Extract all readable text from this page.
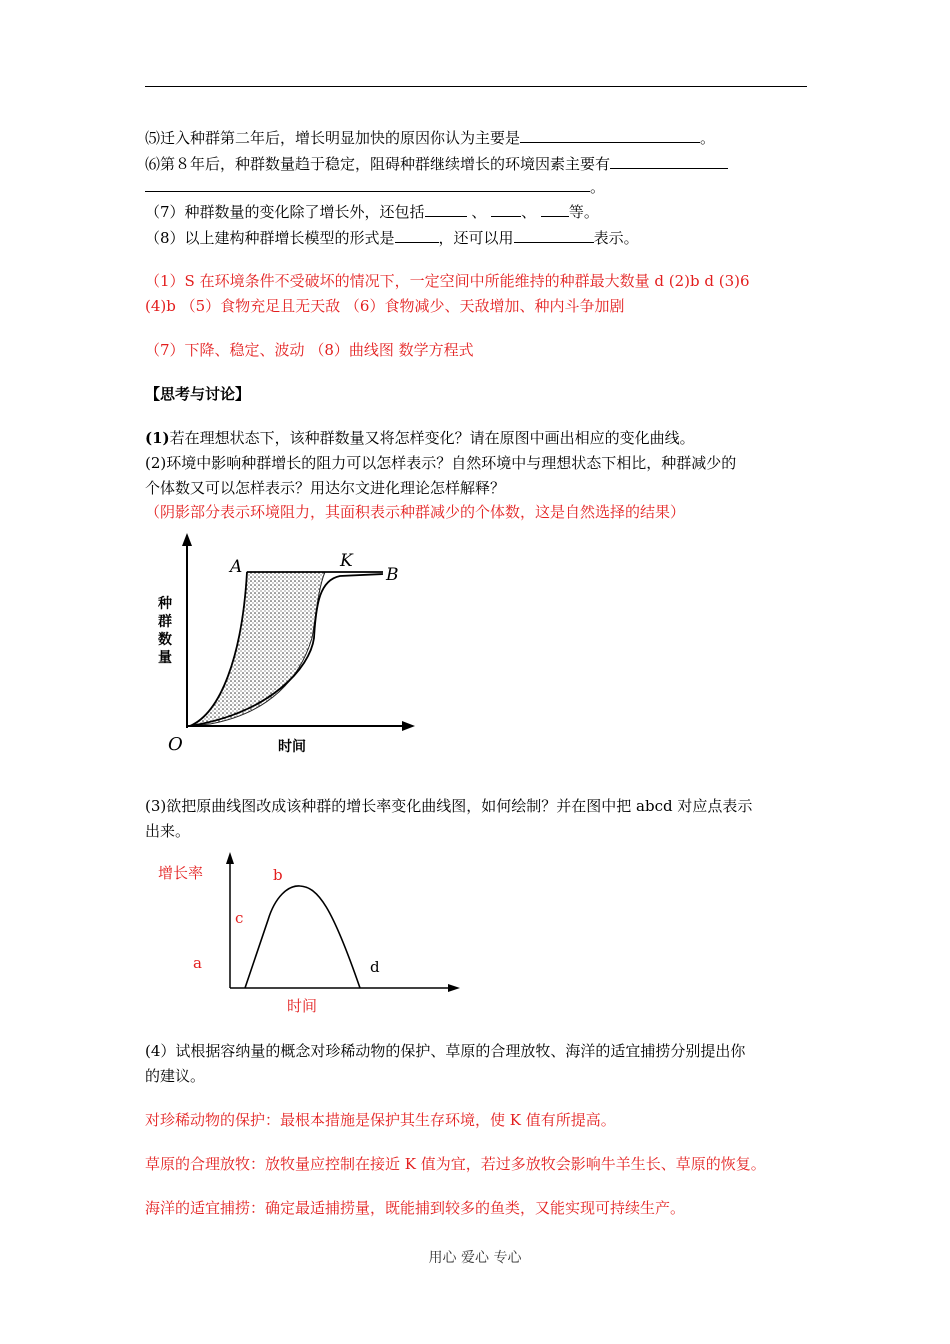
⑸迁入种群第二年后，增长明显加快的原因你认为主要是	。
⑹第８年后，种群数量趋于稳定，阻碍种群继续增长的环境因素主要有
。
（7）种群数量的变化除了增长外，还包括	、 、 等。
（8）以上建构种群增长模型的形式是	，还可以用	表示。
（1）S 在环境条件不受破坏的情况下，一定空间中所能维持的种群最大数量 d (2)b d (3)6
(4)b （5）食物充足且无天敌 （6）食物减少、天敌增加、种内斗争加剧
（7）下降、稳定、波动 （8）曲线图 数学方程式
【思考与讨论】
(1)若在理想状态下，该种群数量又将怎样变化？请在原图中画出相应的变化曲线。
(2)环境中影响种群增长的阻力可以怎样表示？自然环境中与理想状态下相比，种群减少的
个体数又可以怎样表示？用达尔文进化理论怎样解释？
（阴影部分表示环境阻力，其面积表示种群减少的个体数，这是自然选择的结果）
种
群
数
量
时间
O
A	K
B
(3)欲把原曲线图改成该种群的增长率变化曲线图，如何绘制？并在图中把 abcd 对应点表示
出来。
增长率
时间
a
b
c
d
(4）试根据容纳量的概念对珍稀动物的保护、草原的合理放牧、海洋的适宜捕捞分别提出你
的建议。
对珍稀动物的保护：最根本措施是保护其生存环境，使 K 值有所提高。
草原的合理放牧：放牧量应控制在接近 K 值为宜，若过多放牧会影响牛羊生长、草原的恢复。
海洋的适宜捕捞：确定最适捕捞量，既能捕到较多的鱼类，又能实现可持续生产。
用心 爱心 专心
